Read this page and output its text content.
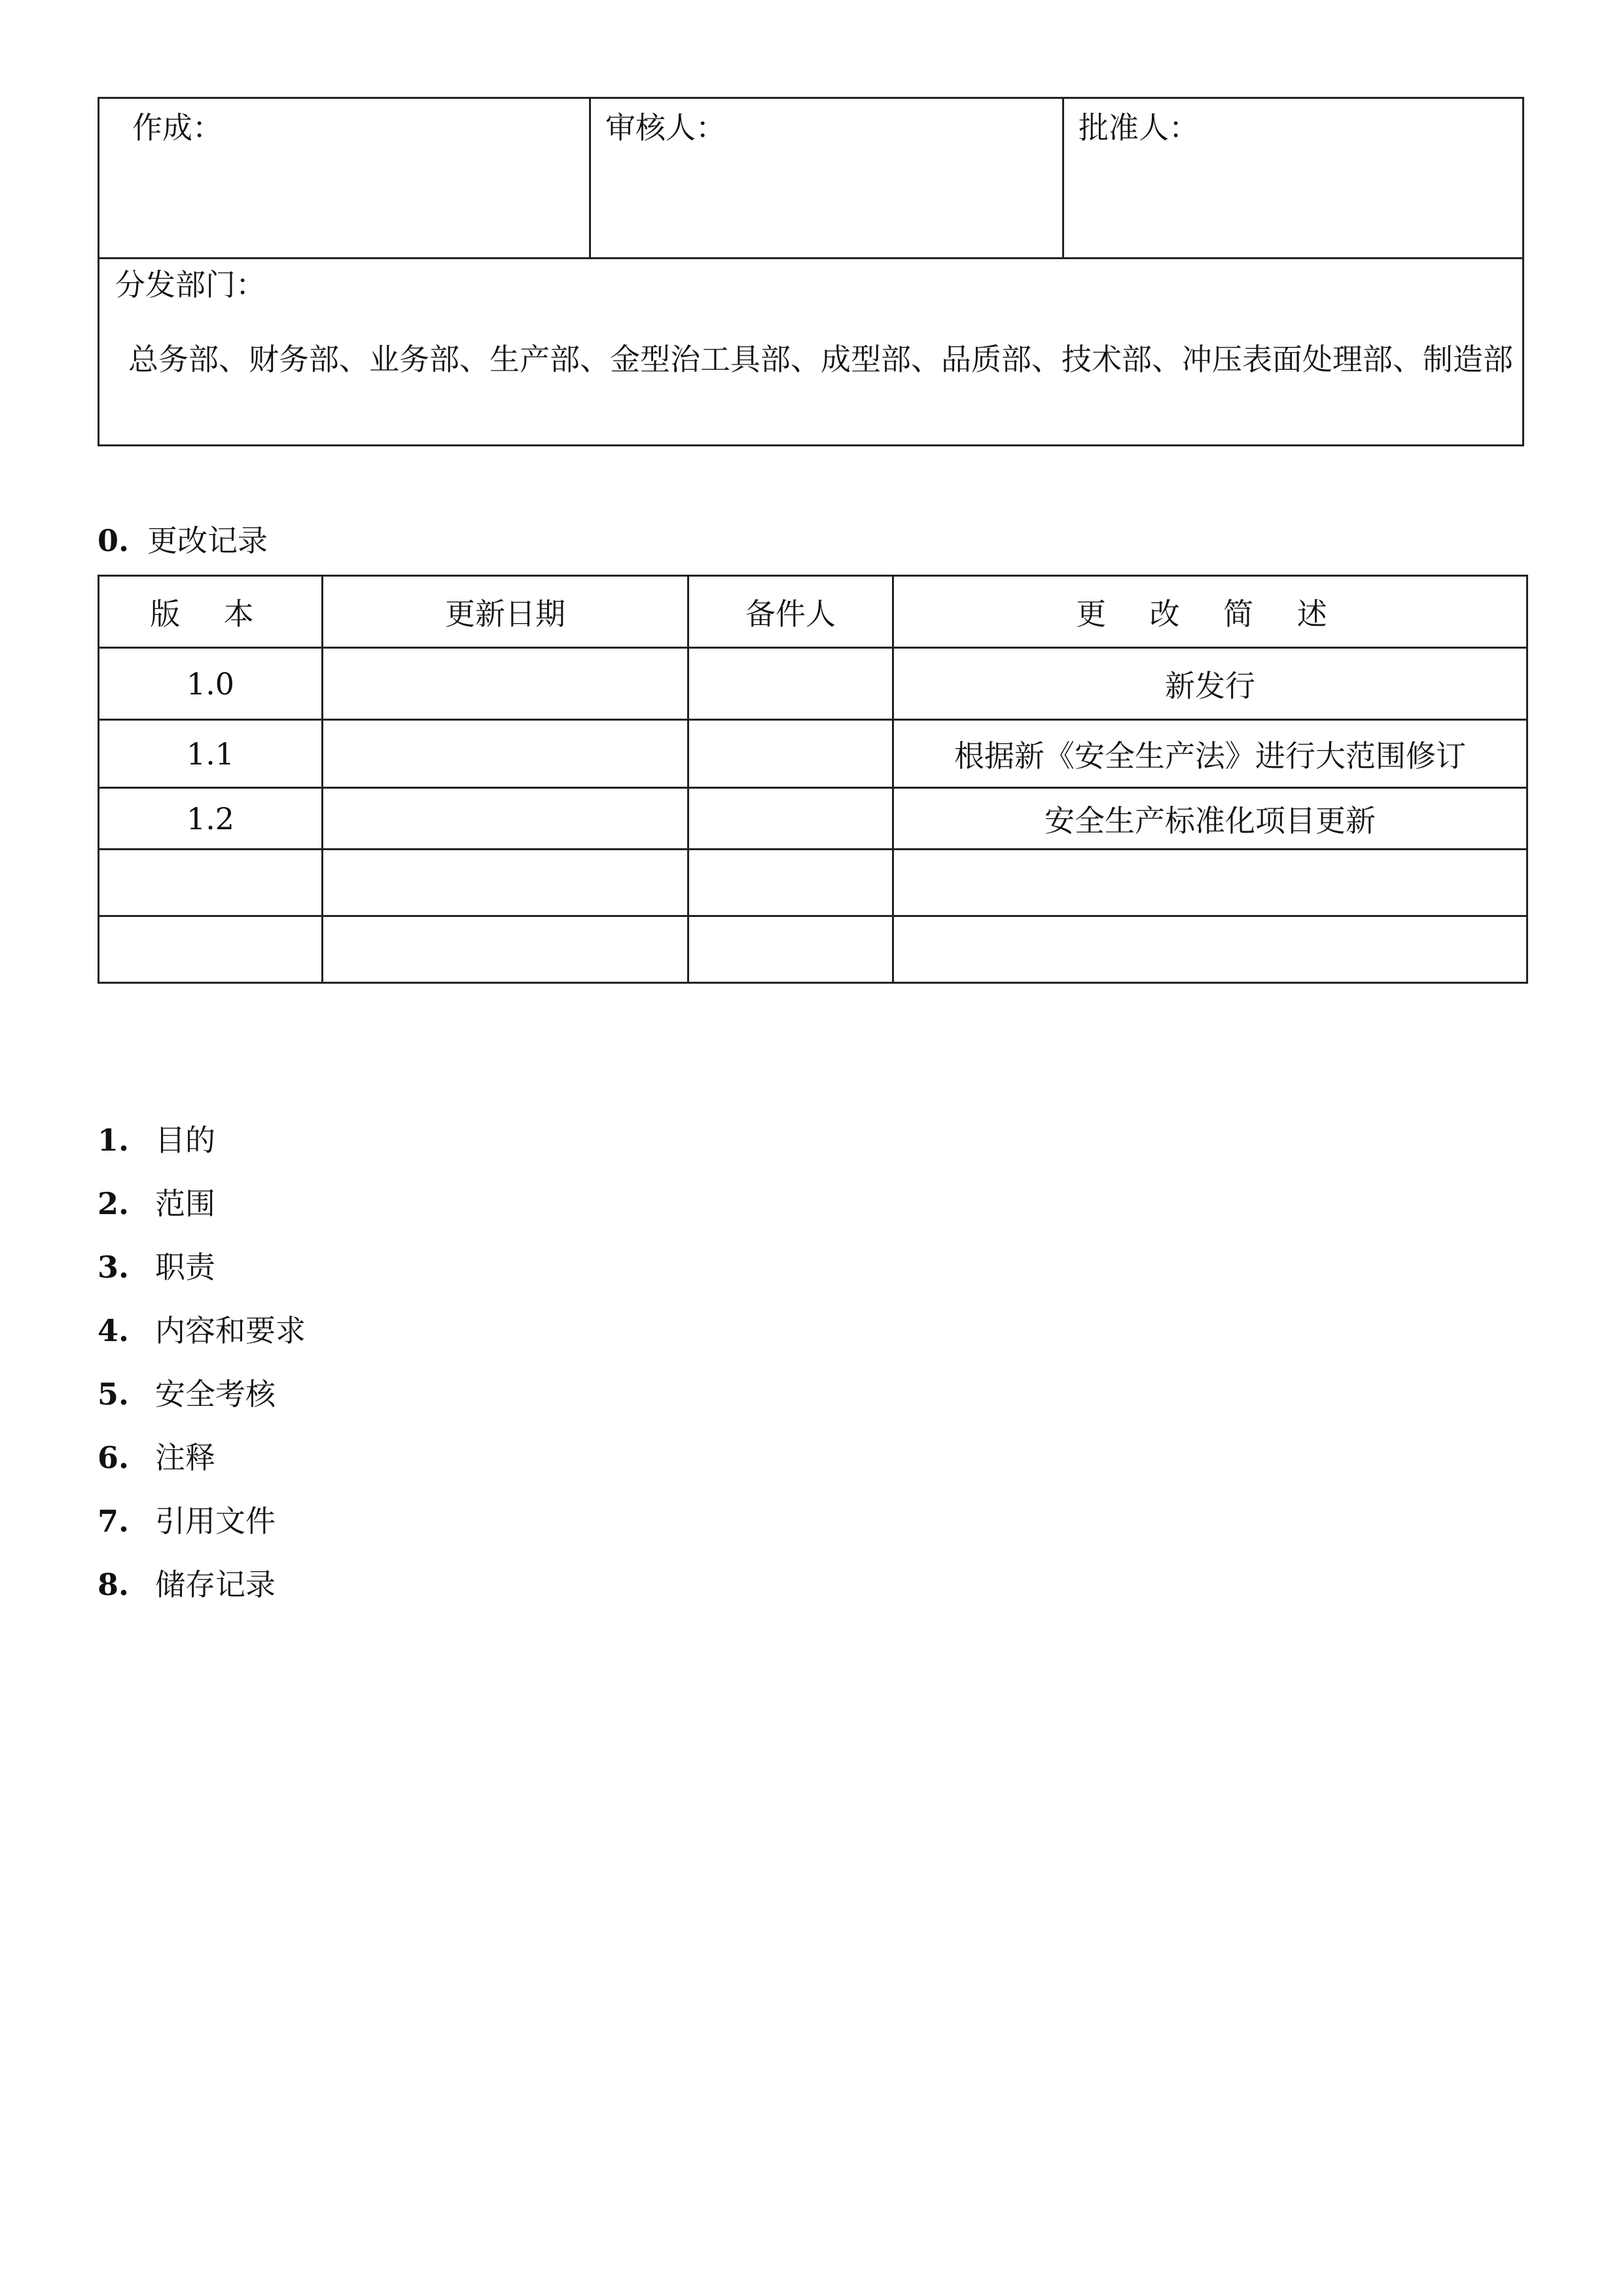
作成：	审核人：	批准人：
分发部门：
总务部、财务部、业务部、生产部、金型治工具部、成型部、品质部、技术部、冲压表面处理部、制造部
0. 更改记录
版 本	更新日期	备件人	更 改 简 述
1.0			新发行
1.1			根据新《安全生产法》进行大范围修订
1.2			安全生产标准化项目更新

1. 目的
2. 范围
3. 职责
4. 内容和要求
5. 安全考核
6. 注释
7. 引用文件
8. 储存记录
